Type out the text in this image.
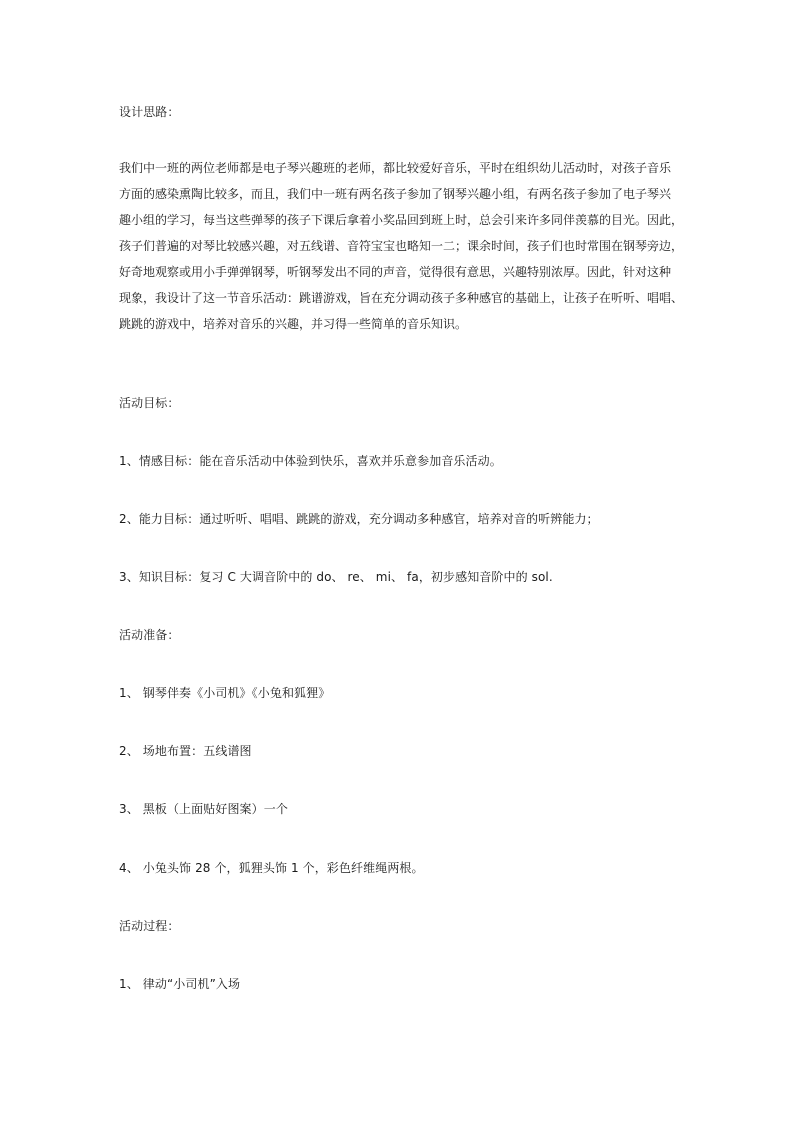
设计思路：
我们中一班的两位老师都是电子琴兴趣班的老师，都比较爱好音乐，平时在组织幼儿活动时，对孩子音乐
方面的感染熏陶比较多，而且，我们中一班有两名孩子参加了钢琴兴趣小组，有两名孩子参加了电子琴兴
趣小组的学习，每当这些弹琴的孩子下课后拿着小奖品回到班上时，总会引来许多同伴羡慕的目光。因此，
孩子们普遍的对琴比较感兴趣，对五线谱、音符宝宝也略知一二；课余时间，孩子们也时常围在钢琴旁边，
好奇地观察或用小手弹弹钢琴，听钢琴发出不同的声音，觉得很有意思，兴趣特别浓厚。因此，针对这种
现象，我设计了这一节音乐活动：跳谱游戏，旨在充分调动孩子多种感官的基础上，让孩子在听听、唱唱、
跳跳的游戏中，培养对音乐的兴趣，并习得一些简单的音乐知识。
活动目标：
1、情感目标：能在音乐活动中体验到快乐，喜欢并乐意参加音乐活动。
2、能力目标：通过听听、唱唱、跳跳的游戏，充分调动多种感官，培养对音的听辨能力；
3、知识目标：复习 C 大调音阶中的 do、 re、 mi、 fa，初步感知音阶中的 sol.
活动准备：
1、 钢琴伴奏《小司机》《小兔和狐狸》
2、 场地布置：五线谱图
3、 黑板（上面贴好图案）一个
4、 小兔头饰 28 个，狐狸头饰 1 个，彩色纤维绳两根。
活动过程：
1、 律动“小司机”入场
